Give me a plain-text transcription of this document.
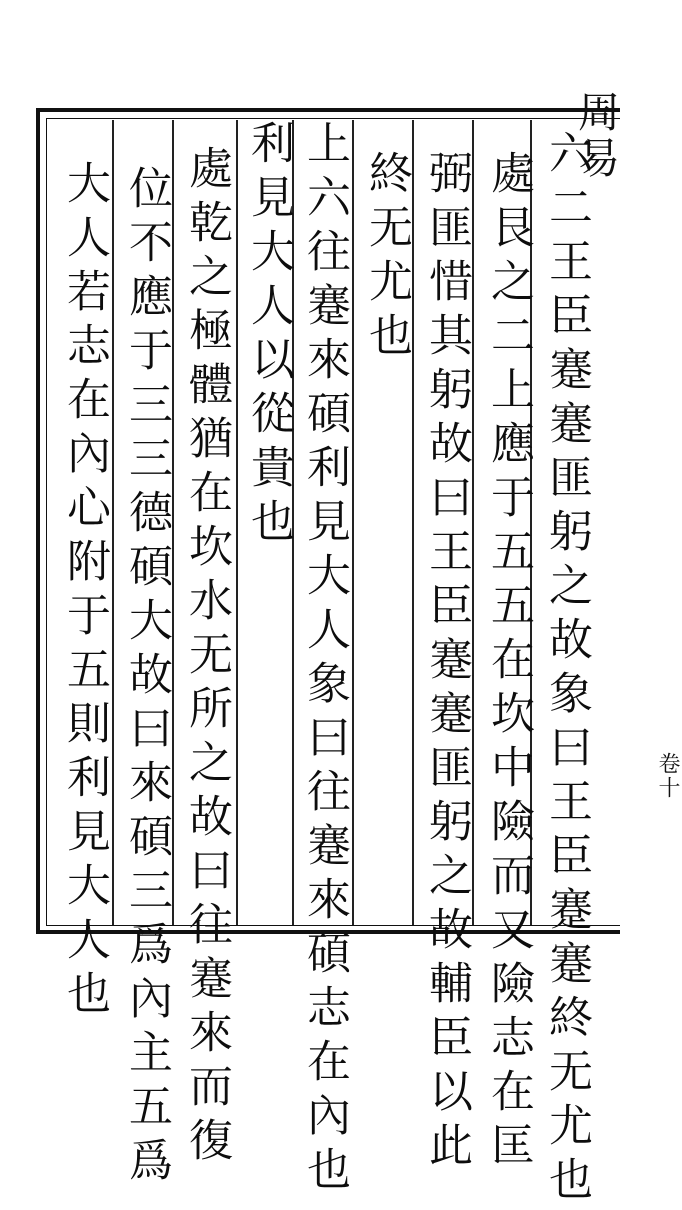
周易
卷十
六二王臣蹇蹇匪躬之故象曰王臣蹇蹇終无尤也
處艮之二上應于五五在坎中險而又險志在匡
弼匪惜其躬故曰王臣蹇蹇匪躬之故輔臣以此
終无尤也
上六往蹇來碩利見大人象曰往蹇來碩志在內也
利見大人以從貴也
處乾之極體猶在坎水无所之故曰往蹇來而復
位不應于三三德碩大故曰來碩三爲內主五爲
大人若志在內心附于五則利見大人也
